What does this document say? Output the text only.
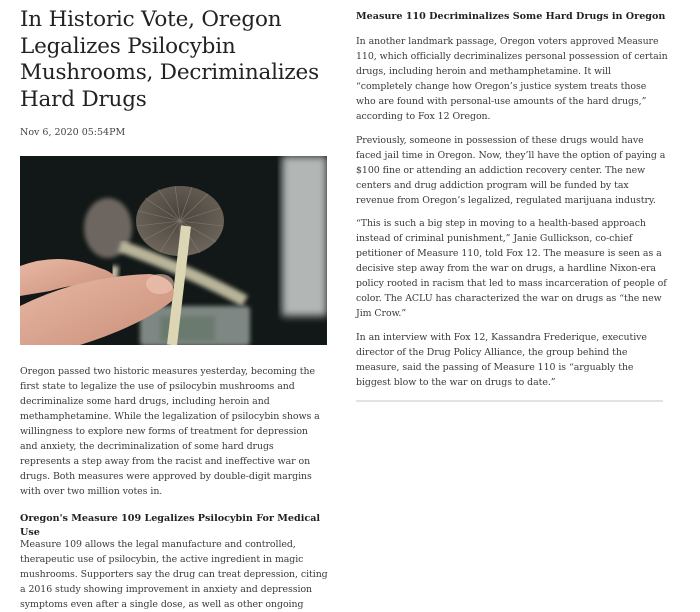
In Historic Vote, Oregon Legalizes Psilocybin Mushrooms, Decriminalizes Hard Drugs
Nov 6, 2020 05:54PM

Oregon passed two historic measures yesterday, becoming the first state to legalize the use of psilocybin mushrooms and decriminalize some hard drugs, including heroin and methamphetamine. While the legalization of psilocybin shows a willingness to explore new forms of treatment for depression and anxiety, the decriminalization of some hard drugs represents a step away from the racist and ineffective war on drugs. Both measures were approved by double-digit margins with over two million votes in.

Oregon's Measure 109 Legalizes Psilocybin For Medical Use

Measure 109 allows the legal manufacture and controlled, therapeutic use of psilocybin, the active ingredient in magic mushrooms. Supporters say the drug can treat depression, citing a 2016 study showing improvement in anxiety and depression symptoms even after a single dose, as well as other ongoing

Measure 110 Decriminalizes Some Hard Drugs in Oregon

In another landmark passage, Oregon voters approved Measure 110, which officially decriminalizes personal possession of certain drugs, including heroin and methamphetamine. It will “completely change how Oregon’s justice system treats those who are found with personal-use amounts of the hard drugs,” according to Fox 12 Oregon.

Previously, someone in possession of these drugs would have faced jail time in Oregon. Now, they’ll have the option of paying a $100 fine or attending an addiction recovery center. The new centers and drug addiction program will be funded by tax revenue from Oregon’s legalized, regulated marijuana industry.

“This is such a big step in moving to a health-based approach instead of criminal punishment,” Janie Gullickson, co-chief petitioner of Measure 110, told Fox 12. The measure is seen as a decisive step away from the war on drugs, a hardline Nixon-era policy rooted in racism that led to mass incarceration of people of color. The ACLU has characterized the war on drugs as “the new Jim Crow.”

In an interview with Fox 12, Kassandra Frederique, executive director of the Drug Policy Alliance, the group behind the measure, said the passing of Measure 110 is “arguably the biggest blow to the war on drugs to date.”
